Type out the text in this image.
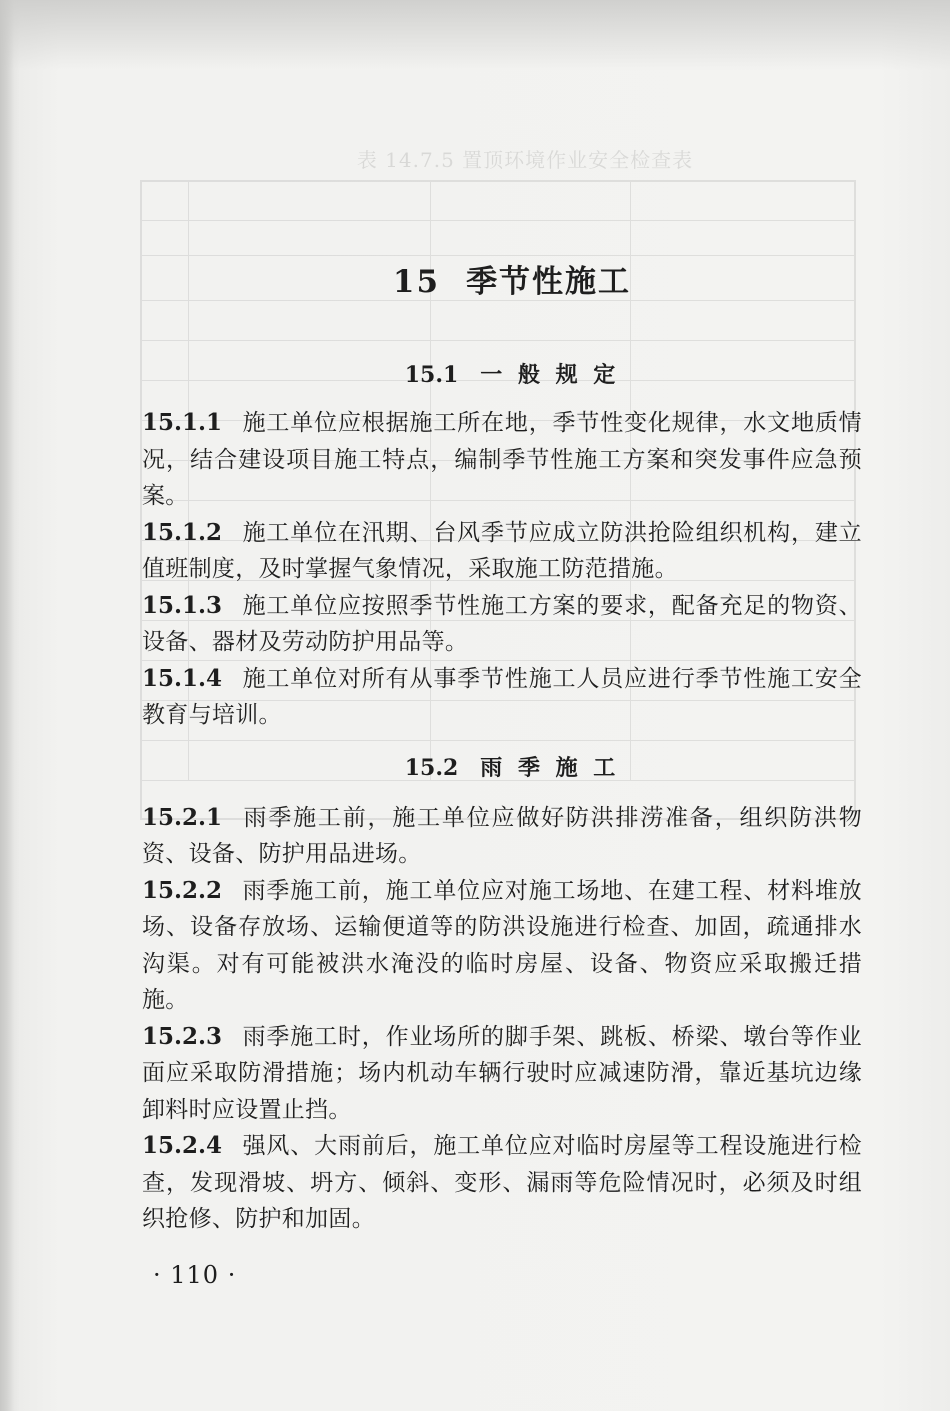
表 14.7.5 置顶环境作业安全检查表
15 季节性施工
15.1 一 般 规 定
15.1.1 施工单位应根据施工所在地，季节性变化规律，水文地质情况，结合建设项目施工特点，编制季节性施工方案和突发事件应急预案。
15.1.2 施工单位在汛期、台风季节应成立防洪抢险组织机构，建立值班制度，及时掌握气象情况，采取施工防范措施。
15.1.3 施工单位应按照季节性施工方案的要求，配备充足的物资、设备、器材及劳动防护用品等。
15.1.4 施工单位对所有从事季节性施工人员应进行季节性施工安全教育与培训。
15.2 雨 季 施 工
15.2.1 雨季施工前，施工单位应做好防洪排涝准备，组织防洪物资、设备、防护用品进场。
15.2.2 雨季施工前，施工单位应对施工场地、在建工程、材料堆放场、设备存放场、运输便道等的防洪设施进行检查、加固，疏通排水沟渠。对有可能被洪水淹没的临时房屋、设备、物资应采取搬迁措施。
15.2.3 雨季施工时，作业场所的脚手架、跳板、桥梁、墩台等作业面应采取防滑措施；场内机动车辆行驶时应减速防滑，靠近基坑边缘卸料时应设置止挡。
15.2.4 强风、大雨前后，施工单位应对临时房屋等工程设施进行检查，发现滑坡、坍方、倾斜、变形、漏雨等危险情况时，必须及时组织抢修、防护和加固。
· 110 ·
